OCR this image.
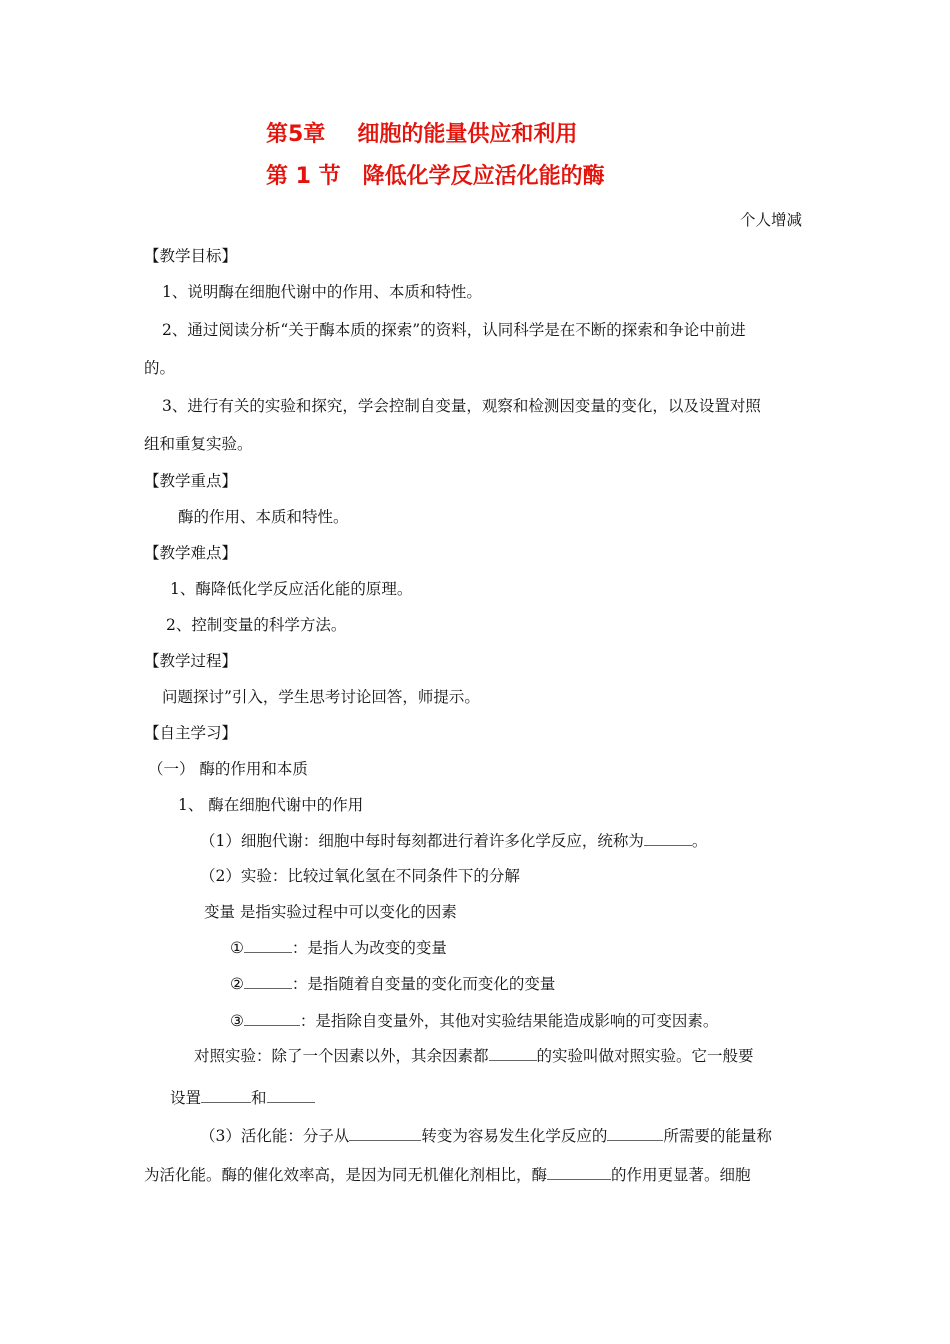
第5章 细胞的能量供应和利用
第 1 节 降低化学反应活化能的酶
个人增减
【教学目标】
1、说明酶在细胞代谢中的作用、本质和特性。
2、通过阅读分析“关于酶本质的探索”的资料，认同科学是在不断的探索和争论中前进
的。
3、进行有关的实验和探究，学会控制自变量，观察和检测因变量的变化，以及设置对照
组和重复实验。
【教学重点】
酶的作用、本质和特性。
【教学难点】
1、酶降低化学反应活化能的原理。
2、控制变量的科学方法。
【教学过程】
问题探讨”引入，学生思考讨论回答，师提示。
【自主学习】
（一） 酶的作用和本质
1、 酶在细胞代谢中的作用
（1）细胞代谢：细胞中每时每刻都进行着许多化学反应，统称为	。
（2）实验：比较过氧化氢在不同条件下的分解
变量 是指实验过程中可以变化的因素
①	：是指人为改变的变量
②	：是指随着自变量的变化而变化的变量
③	：是指除自变量外，其他对实验结果能造成影响的可变因素。
对照实验：除了一个因素以外，其余因素都	的实验叫做对照实验。它一般要
设置	和
（3）活化能：分子从	转变为容易发生化学反应的	所需要的能量称
为活化能。酶的催化效率高，是因为同无机催化剂相比，酶	的作用更显著。细胞
